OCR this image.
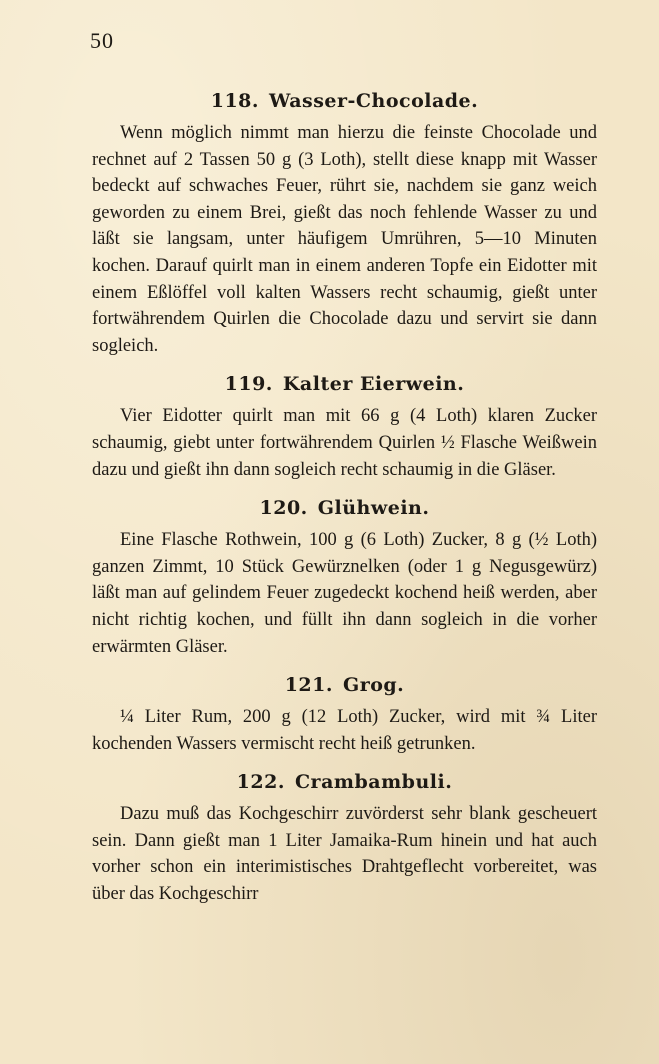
50
118. Wasser-Chocolade.

Wenn möglich nimmt man hierzu die feinste Chocolade und rechnet auf 2 Tassen 50 g (3 Loth), stellt diese knapp mit Wasser bedeckt auf schwaches Feuer, rührt sie, nachdem sie ganz weich geworden zu einem Brei, gießt das noch fehlende Wasser zu und läßt sie langsam, unter häufigem Umrühren, 5—10 Minuten kochen. Darauf quirlt man in einem anderen Topfe ein Eidotter mit einem Eßlöffel voll kalten Wassers recht schaumig, gießt unter fortwährendem Quirlen die Chocolade dazu und servirt sie dann sogleich.

119. Kalter Eierwein.

Vier Eidotter quirlt man mit 66 g (4 Loth) klaren Zucker schaumig, giebt unter fortwährendem Quirlen ½ Flasche Weißwein dazu und gießt ihn dann sogleich recht schaumig in die Gläser.

120. Glühwein.

Eine Flasche Rothwein, 100 g (6 Loth) Zucker, 8 g (½ Loth) ganzen Zimmt, 10 Stück Gewürznelken (oder 1 g Negusgewürz) läßt man auf gelindem Feuer zugedeckt kochend heiß werden, aber nicht richtig kochen, und füllt ihn dann sogleich in die vorher erwärmten Gläser.

121. Grog.

¼ Liter Rum, 200 g (12 Loth) Zucker, wird mit ¾ Liter kochenden Wassers vermischt recht heiß getrunken.

122. Crambambuli.

Dazu muß das Kochgeschirr zuvörderst sehr blank gescheuert sein. Dann gießt man 1 Liter Jamaika-Rum hinein und hat auch vorher schon ein interimistisches Drahtgeflecht vorbereitet, was über das Kochgeschirr
